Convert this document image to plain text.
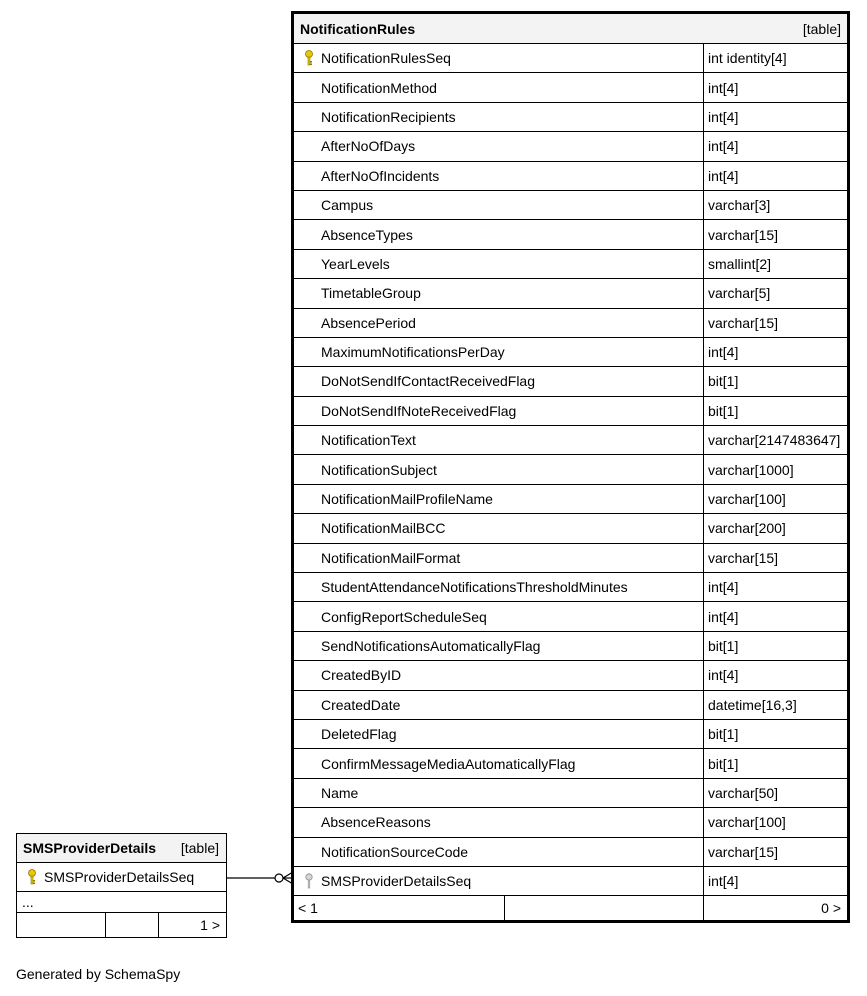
NotificationRules	[table]
NotificationRulesSeq	int identity[4]
NotificationMethod	int[4]
NotificationRecipients	int[4]
AfterNoOfDays	int[4]
AfterNoOfIncidents	int[4]
Campus	varchar[3]
AbsenceTypes	varchar[15]
YearLevels	smallint[2]
TimetableGroup	varchar[5]
AbsencePeriod	varchar[15]
MaximumNotificationsPerDay	int[4]
DoNotSendIfContactReceivedFlag	bit[1]
DoNotSendIfNoteReceivedFlag	bit[1]
NotificationText	varchar[2147483647]
NotificationSubject	varchar[1000]
NotificationMailProfileName	varchar[100]
NotificationMailBCC	varchar[200]
NotificationMailFormat	varchar[15]
StudentAttendanceNotificationsThresholdMinutes	int[4]
ConfigReportScheduleSeq	int[4]
SendNotificationsAutomaticallyFlag	bit[1]
CreatedByID	int[4]
CreatedDate	datetime[16,3]
DeletedFlag	bit[1]
ConfirmMessageMediaAutomaticallyFlag	bit[1]
Name	varchar[50]
AbsenceReasons	varchar[100]
NotificationSourceCode	varchar[15]
SMSProviderDetailsSeq	int[4]
< 1	0 >
SMSProviderDetails [table]
SMSProviderDetailsSeq
...
1 >
Generated by SchemaSpy
